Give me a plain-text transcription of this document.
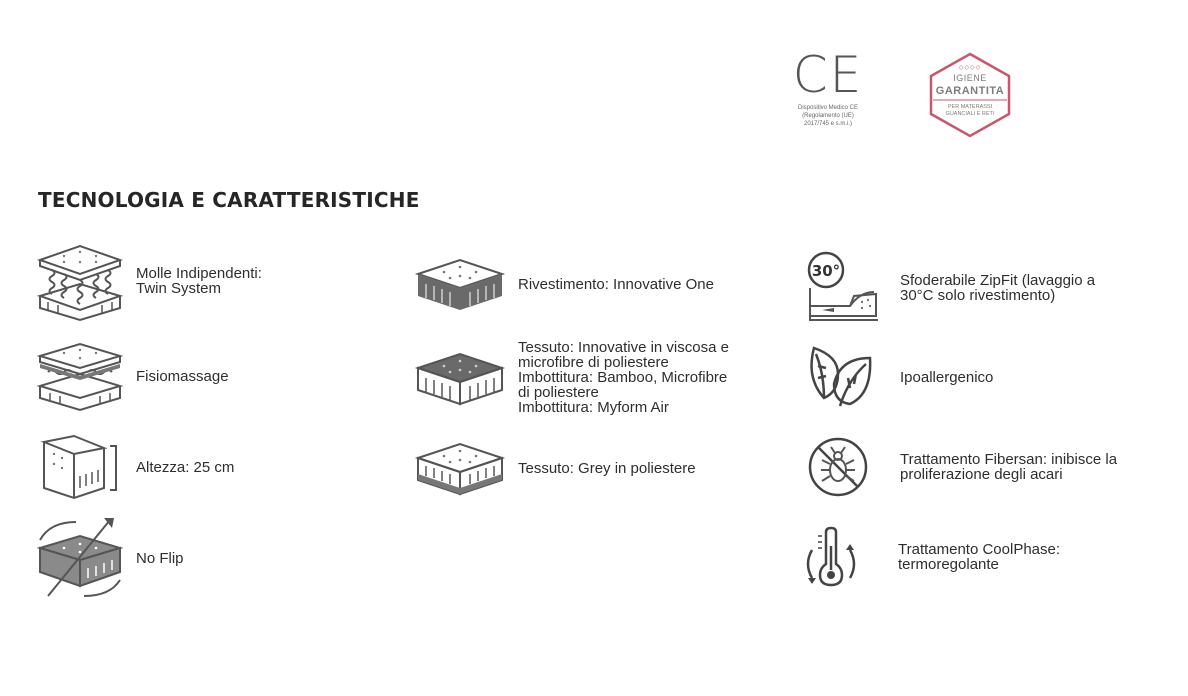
CE
Dispositivo Medico CE
(Regolamento (UE)
2017/745 e s.m.i.)
◇◇◇◇
IGIENE
GARANTITA
PER MATERASSI GUANCIALI E RETI
TECNOLOGIA E CARATTERISTICHE
Molle Indipendenti:
Twin System
Fisiomassage
Altezza: 25 cm
No Flip
Rivestimento: Innovative One
Tessuto: Innovative in viscosa e
microfibre di poliestere
Imbottitura: Bamboo, Microfibre
di poliestere
Imbottitura: Myform Air
Tessuto: Grey in poliestere
30°
Sfoderabile ZipFit (lavaggio a
30°C solo rivestimento)
Ipoallergenico
Trattamento Fibersan: inibisce la
proliferazione degli acari
Trattamento CoolPhase:
termoregolante
